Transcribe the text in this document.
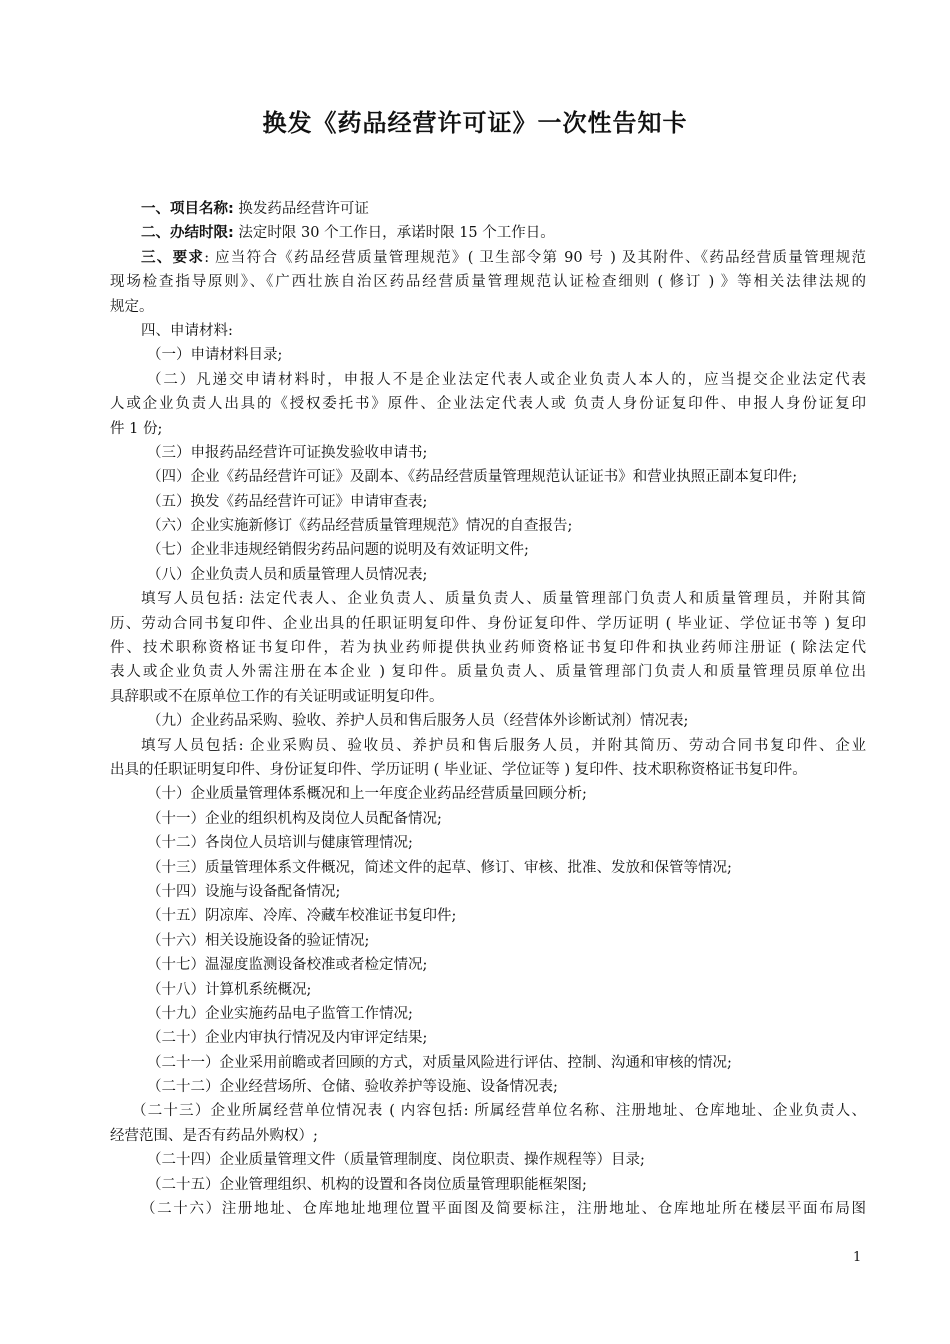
换发《药品经营许可证》一次性告知卡
一、项目名称: 换发药品经营许可证
二、办结时限: 法定时限 30 个工作日，承诺时限 15 个工作日。
三、要求: 应当符合《药品经营质量管理规范》( 卫生部令第 90 号 ) 及其附件、《药品经营质量管理规范
现场检查指导原则》、《广西壮族自治区药品经营质量管理规范认证检查细则 ( 修订 ) 》等相关法律法规的
规定。
四、申请材料:
（一）申请材料目录;
（二）凡递交申请材料时，申报人不是企业法定代表人或企业负责人本人的，应当提交企业法定代表
人或企业负责人出具的《授权委托书》原件、企业法定代表人或 负责人身份证复印件、申报人身份证复印
件 1 份;
（三）申报药品经营许可证换发验收申请书;
（四）企业《药品经营许可证》及副本、《药品经营质量管理规范认证证书》和营业执照正副本复印件;
（五）换发《药品经营许可证》申请审查表;
（六）企业实施新修订《药品经营质量管理规范》情况的自查报告;
（七）企业非违规经销假劣药品问题的说明及有效证明文件;
（八）企业负责人员和质量管理人员情况表;
填写人员包括: 法定代表人、企业负责人、质量负责人、质量管理部门负责人和质量管理员，并附其简
历、劳动合同书复印件、企业出具的任职证明复印件、身份证复印件、学历证明 ( 毕业证、学位证书等 ) 复印
件、技术职称资格证书复印件，若为执业药师提供执业药师资格证书复印件和执业药师注册证 ( 除法定代
表人或企业负责人外需注册在本企业 ) 复印件。质量负责人、质量管理部门负责人和质量管理员原单位出
具辞职或不在原单位工作的有关证明或证明复印件。
（九）企业药品采购、验收、养护人员和售后服务人员（经营体外诊断试剂）情况表;
填写人员包括: 企业采购员、验收员、养护员和售后服务人员，并附其简历、劳动合同书复印件、企业
出具的任职证明复印件、身份证复印件、学历证明 ( 毕业证、学位证等 ) 复印件、技术职称资格证书复印件。
（十）企业质量管理体系概况和上一年度企业药品经营质量回顾分析;
（十一）企业的组织机构及岗位人员配备情况;
（十二）各岗位人员培训与健康管理情况;
（十三）质量管理体系文件概况，简述文件的起草、修订、审核、批准、发放和保管等情况;
（十四）设施与设备配备情况;
（十五）阴凉库、冷库、冷藏车校准证书复印件;
（十六）相关设施设备的验证情况;
（十七）温湿度监测设备校准或者检定情况;
（十八）计算机系统概况;
（十九）企业实施药品电子监管工作情况;
（二十）企业内审执行情况及内审评定结果;
（二十一）企业采用前瞻或者回顾的方式，对质量风险进行评估、控制、沟通和审核的情况;
（二十二）企业经营场所、仓储、验收养护等设施、设备情况表;
（二十三）企业所属经营单位情况表 ( 内容包括: 所属经营单位名称、注册地址、仓库地址、企业负责人、
经营范围、是否有药品外购权）;
（二十四）企业质量管理文件（质量管理制度、岗位职责、操作规程等）目录;
（二十五）企业管理组织、机构的设置和各岗位质量管理职能框架图;
（二十六）注册地址、仓库地址地理位置平面图及简要标注，注册地址、仓库地址所在楼层平面布局图
1
